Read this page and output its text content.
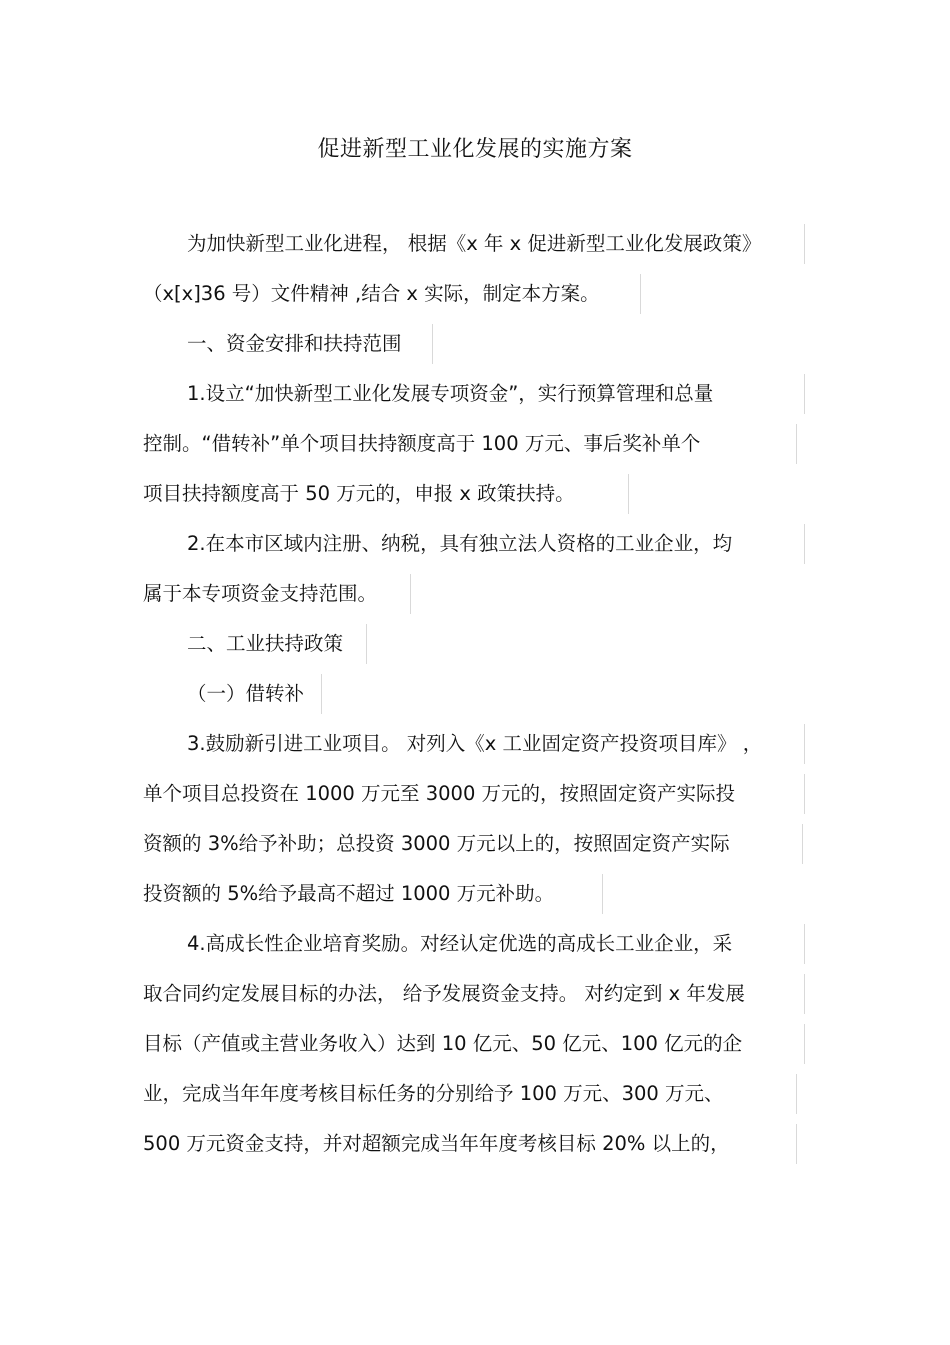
促进新型工业化发展的实施方案
为加快新型工业化进程， 根据《x 年 x 促进新型工业化发展政策》
（x[x]36 号）文件精神 ,结合 x 实际，制定本方案。
一、资金安排和扶持范围
1.设立“加快新型工业化发展专项资金”，实行预算管理和总量
控制。“借转补”单个项目扶持额度高于 100 万元、事后奖补单个
项目扶持额度高于 50 万元的，申报 x 政策扶持。
2.在本市区域内注册、纳税，具有独立法人资格的工业企业，均
属于本专项资金支持范围。
二、工业扶持政策
（一）借转补
3.鼓励新引进工业项目。 对列入《x 工业固定资产投资项目库》 ，
单个项目总投资在 1000 万元至 3000 万元的，按照固定资产实际投
资额的 3%给予补助；总投资 3000 万元以上的，按照固定资产实际
投资额的 5%给予最高不超过 1000 万元补助。
4.高成长性企业培育奖励。对经认定优选的高成长工业企业，采
取合同约定发展目标的办法， 给予发展资金支持。 对约定到 x 年发展
目标（产值或主营业务收入）达到 10 亿元、50 亿元、100 亿元的企
业，完成当年年度考核目标任务的分别给予 100 万元、300 万元、
500 万元资金支持，并对超额完成当年年度考核目标 20% 以上的，
